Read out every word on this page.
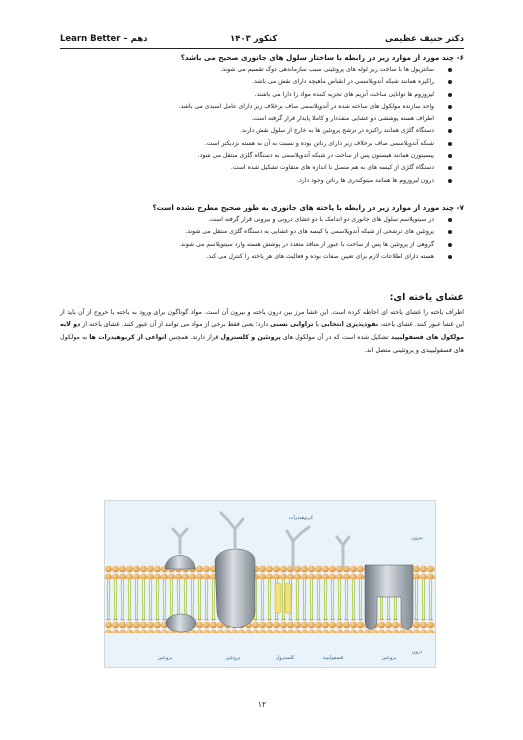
Learn Better – دهم	کنکور ۱۴۰۳	دکتر حنیف عظیمی
۶- چند مورد از موارد زیر در رابطه با ساختار سلول های جانوری صحیح می باشد؟
سانتریول ها با ساخت ریز لوله های پروتئینی سبب سازماندهی دوک تقسیم می شوند.
راکیزه همانند شبکه آندوپلاسمی در انقباض ماهیچه دارای نقش می باشد.
لیزوزوم ها توانایی ساخت آنزیم های تجزیه کننده مواد را دارا می باشند.
واحد سازنده مولکول های ساخته شده در آندوپلاسمی صاف برخلاف زبر دارای عامل اسیدی می باشد.
اطراف هسته پوششی دو غشایی منفذدار و کاملا پایدار قرار گرفته است.
دستگاه گلژی همانند راکیزه در ترشح پروتئین ها به خارج از سلول نقش دارند.
شبکه آندوپلاسمی صاف برخلاف زبر دارای رناتن بوده و نسبت به آن به هسته نزدیکتر است.
پیسیتوزن همانند هیستون پس از ساخت در شبکه آندوپلاسمی به دستگاه گلژی منتقل می شود.
دستگاه گلژی از کیسه های به هم متصل با اندازه های متفاوت تشکیل شده است.
درون لیزوزوم ها همانند میتوکندری ها رناتن وجود دارد.
۷- چند مورد از موارد زیر در رابطه با یاخته های جانوری به طور صحیح مطرح نشده است؟
در سیتوپلاسم سلول های جانوری دو اندامک با دو غشای درونی و بیرونی قرار گرفته است.
پروتئین های ترشحی از شبکه آندوپلاسمی با کیسه های دو غشایی به دستگاه گلژی منتقل می شوند.
گروهی از پروتئین ها پس از ساخت با عبور از منافذ متعدد در پوشش هسته وارد سیتوپلاسم می شوند.
هسته دارای اطلاعات لازم برای تعیین صفات بوده و فعالیت های هر یاخته را کنترل می کند.
غشای یاخته ای:
اطراف یاخته را غشای یاخته ای احاطه کرده است. این غشا مرز بین درون یاخته و بیرون آن است. مواد گوناگون برای ورود به یاخته یا خروج از آن باید از این غشا عبور کنند. غشای یاخته، نفوذپذیری انتخابی یا تراوایی نسبی دارد؛ یعنی فقط برخی از مواد می توانند از آن عبور کنند. غشای یاخته از دو لایه مولکول های فسفولیپید تشکیل شده است که در آن مولکول های پروتئین و کلسترول قرار دارند. همچنین انواعی از کربوهیدرات ها به مولکول های فسفولیپیدی و پروتئینی متصل اند.
کربوهیدرات
بیرون
درون
پروتئین	پروتئین	کلسترول	فسفولیپید	پروتئین
۱۲
